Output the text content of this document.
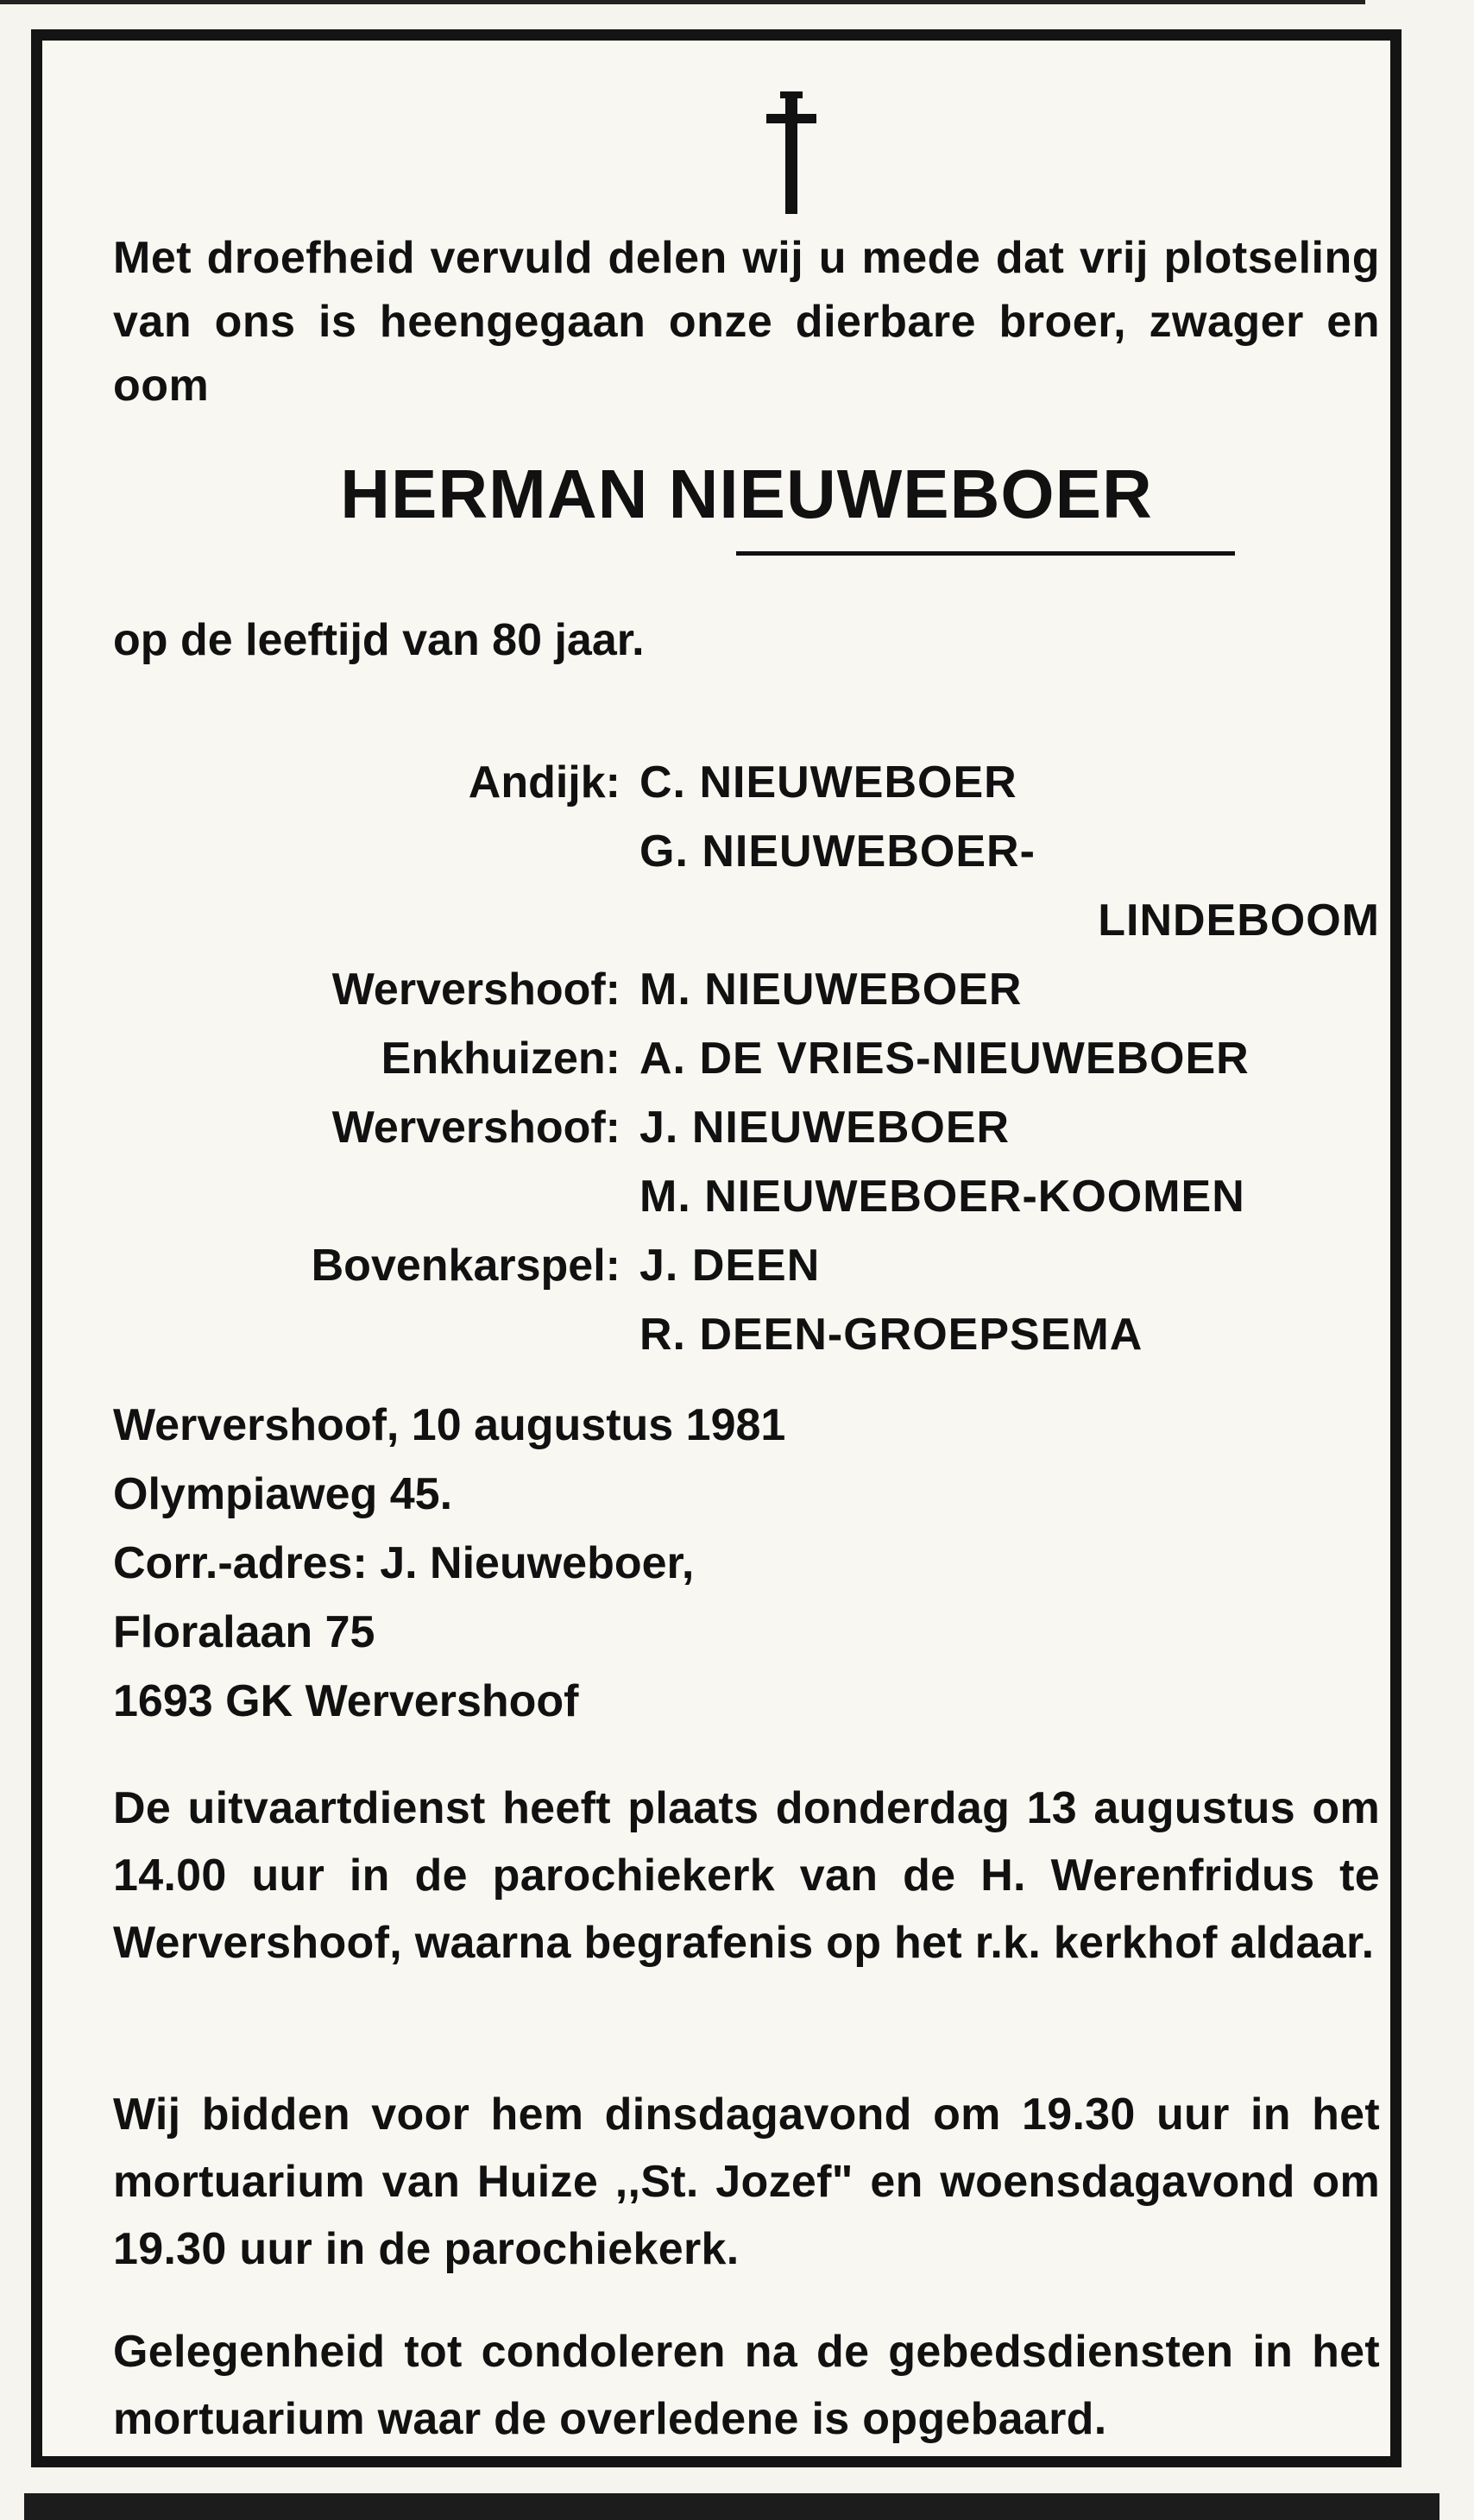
Met droefheid vervuld delen wij u mede dat vrij plotseling van ons is heengegaan onze dierbare broer, zwager en oom
HERMAN NIEUWEBOER
op de leeftijd van 80 jaar.
Andijk: C. NIEUWEBOER
G. NIEUWEBOER-
LINDEBOOM
Wervershoof: M. NIEUWEBOER
Enkhuizen: A. DE VRIES-NIEUWEBOER
Wervershoof: J. NIEUWEBOER
M. NIEUWEBOER-KOOMEN
Bovenkarspel: J. DEEN
R. DEEN-GROEPSEMA
Wervershoof, 10 augustus 1981
Olympiaweg 45.
Corr.-adres: J. Nieuweboer,
Floralaan 75
1693 GK Wervershoof
De uitvaartdienst heeft plaats donderdag 13 augustus om 14.00 uur in de parochiekerk van de H. Werenfridus te Wervershoof, waarna begrafenis op het r.k. kerkhof aldaar.
Wij bidden voor hem dinsdagavond om 19.30 uur in het mortuarium van Huize ,,St. Jozef" en woensdagavond om 19.30 uur in de parochiekerk.
Gelegenheid tot condoleren na de gebedsdiensten in het mortuarium waar de overledene is opgebaard.
